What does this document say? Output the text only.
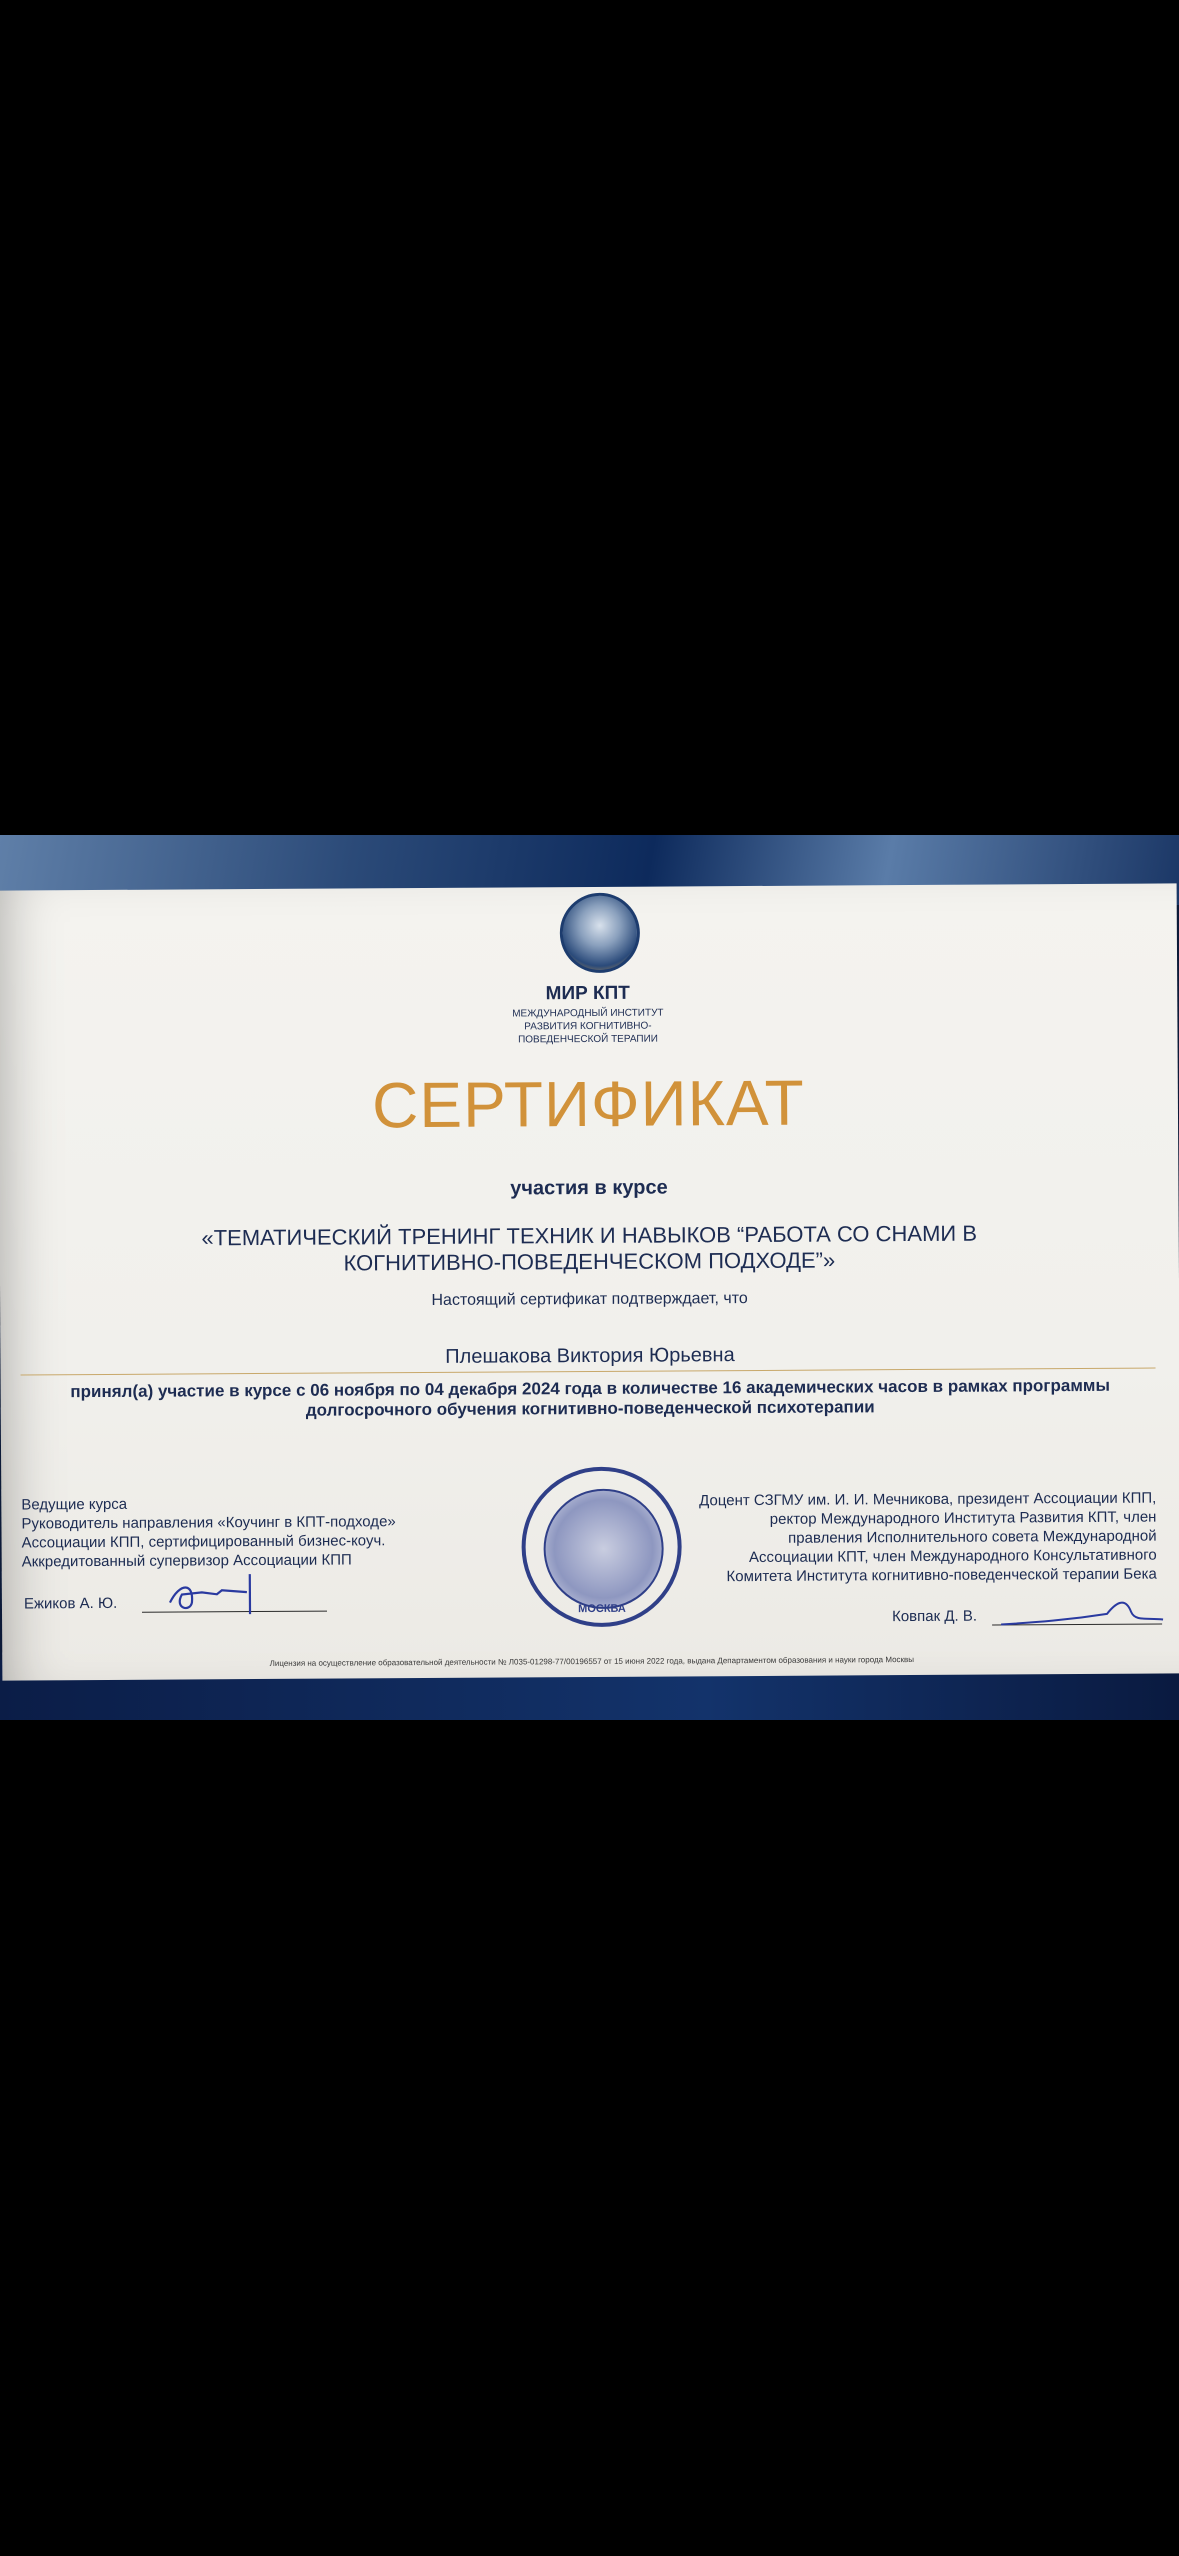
МИР КПТ
МЕЖДУНАРОДНЫЙ ИНСТИТУТ РАЗВИТИЯ КОГНИТИВНО-ПОВЕДЕНЧЕСКОЙ ТЕРАПИИ
СЕРТИФИКАТ
участия в курсе
«ТЕМАТИЧЕСКИЙ ТРЕНИНГ ТЕХНИК И НАВЫКОВ “РАБОТА СО СНАМИ В
КОГНИТИВНО-ПОВЕДЕНЧЕСКОМ ПОДХОДЕ”»
Настоящий сертификат подтверждает, что
Плешакова Виктория Юрьевна
принял(а) участие в курсе с 06 ноября по 04 декабря 2024 года в количестве 16 академических часов в рамках программы
долгосрочного обучения когнитивно-поведенческой психотерапии
Ведущие курса
Руководитель направления «Коучинг в КПТ-подходе»
Ассоциации КПП, сертифицированный бизнес-коуч.
Аккредитованный супервизор Ассоциации КПП
Ежиков А. Ю.	МОСКВА
Доцент СЗГМУ им. И. И. Мечникова, президент Ассоциации КПП,
ректор Международного Института Развития КПТ, член
правления Исполнительного совета Международной
Ассоциации КПТ, член Международного Консультативного
Комитета Института когнитивно-поведенческой терапии Бека
Ковпак Д. В.
Лицензия на осуществление образовательной деятельности № Л035-01298-77/00196557 от 15 июня 2022 года, выдана Департаментом образования и науки города Москвы
